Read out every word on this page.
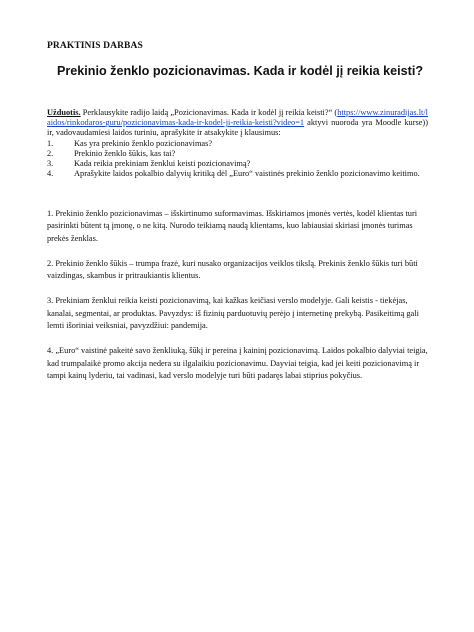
PRAKTINIS DARBAS
Prekinio ženklo pozicionavimas. Kada ir kodėl jį reikia keisti?
Užduotis. Perklausykite radijo laidą „Pozicionavimas. Kada ir kodėl jį reikia keisti?“ (https://www.zinuradijas.lt/laidos/rinkodaros-guru/pozicionavimas-kada-ir-kodel-ji-reikia-keisti?video=1 aktyvi nuoroda yra Moodle kurse)) ir, vadovaudamiesi laidos turiniu, aprašykite ir atsakykite į klausimus:
1. Kas yra prekinio ženklo pozicionavimas?
2. Prekinio ženklo šūkis, kas tai?
3. Kada reikia prekiniam ženklui keisti pozicionavimą?
4. Aprašykite laidos pokalbio dalyvių kritiką dėl „Euro“ vaistinės prekinio ženklo pozicionavimo keitimo.

1. Prekinio ženklo pozicionavimas – išskirtinumo suformavimas. Išskiriamos įmonės vertės, kodėl klientas turi pasirinkti būtent tą įmonę, o ne kitą. Nurodo teikiamą naudą klientams, kuo labiausiai skiriasi įmonės turimas prekės ženklas.

2. Prekinio ženklo šūkis – trumpa frazė, kuri nusako organizacijos veiklos tikslą. Prekinis ženklo šūkis turi būti vaizdingas, skambus ir pritraukiantis klientus.

3. Prekiniam ženklui reikia keisti pozicionavimą, kai kažkas keičiasi verslo modelyje. Gali keistis - tiekėjas, kanalai, segmentai, ar produktas. Pavyzdys: iš fizinių parduotuvių perėjo į internetinę prekybą. Pasikeitimą gali lemti išoriniai veiksniai, pavyzdžiui: pandemija.

4. „Euro“ vaistinė pakeitė savo ženkliuką, šūkį ir pereina į kaininį pozicionavimą. Laidos pokalbio dalyviai teigia, kad trumpalaikė promo akcija nedera su ilgalaikiu pozicionavimu. Dayviai teigia, kad jei keiti pozicionavimą ir tampi kainų lyderiu, tai vadinasi, kad verslo modelyje turi būti padaręs labai stiprius pokyčius.
